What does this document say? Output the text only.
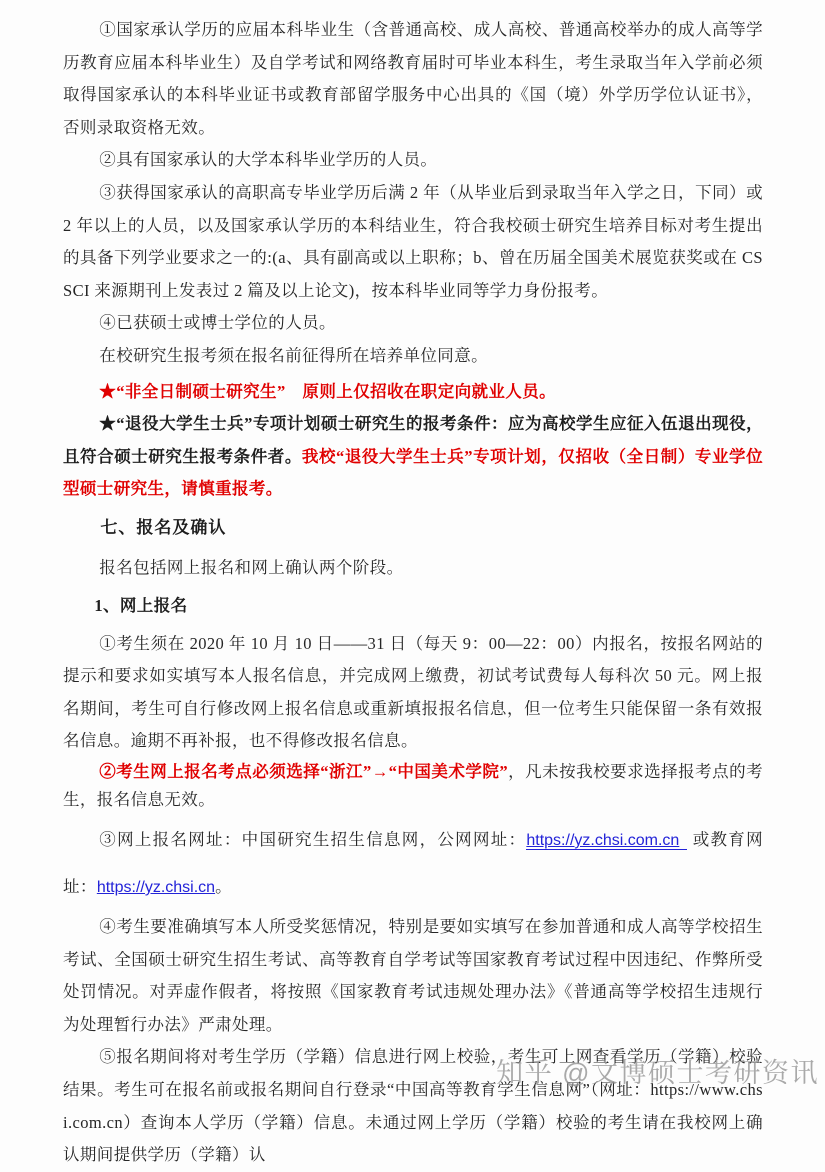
①国家承认学历的应届本科毕业生（含普通高校、成人高校、普通高校举办的成人高等学历教育应届本科毕业生）及自学考试和网络教育届时可毕业本科生，考生录取当年入学前必须取得国家承认的本科毕业证书或教育部留学服务中心出具的《国（境）外学历学位认证书》，否则录取资格无效。

②具有国家承认的大学本科毕业学历的人员。

③获得国家承认的高职高专毕业学历后满 2 年（从毕业后到录取当年入学之日，下同）或 2 年以上的人员，以及国家承认学历的本科结业生，符合我校硕士研究生培养目标对考生提出的具备下列学业要求之一的:(a、具有副高或以上职称；b、曾在历届全国美术展览获奖或在 CSSCI 来源期刊上发表过 2 篇及以上论文)，按本科毕业同等学力身份报考。

④已获硕士或博士学位的人员。

在校研究生报考须在报名前征得所在培养单位同意。

★“非全日制硕士研究生”　原则上仅招收在职定向就业人员。

★“退役大学生士兵”专项计划硕士研究生的报考条件：应为高校学生应征入伍退出现役，且符合硕士研究生报考条件者。我校“退役大学生士兵”专项计划，仅招收（全日制）专业学位型硕士研究生，请慎重报考。

七、报名及确认

报名包括网上报名和网上确认两个阶段。

1、网上报名

①考生须在 2020 年 10 月 10 日——31 日（每天 9：00—22：00）内报名，按报名网站的提示和要求如实填写本人报名信息，并完成网上缴费，初试考试费每人每科次 50 元。网上报名期间，考生可自行修改网上报名信息或重新填报报名信息，但一位考生只能保留一条有效报名信息。逾期不再补报，也不得修改报名信息。

②考生网上报名考点必须选择“浙江”→“中国美术学院”，凡未按我校要求选择报考点的考生，报名信息无效。

③网上报名网址：中国研究生招生信息网，公网网址：https://yz.chsi.com.cn 或教育网址：https://yz.chsi.cn。

④考生要准确填写本人所受奖惩情况，特别是要如实填写在参加普通和成人高等学校招生考试、全国硕士研究生招生考试、高等教育自学考试等国家教育考试过程中因违纪、作弊所受处罚情况。对弄虚作假者，将按照《国家教育考试违规处理办法》《普通高等学校招生违规行为处理暂行办法》严肃处理。

⑤报名期间将对考生学历（学籍）信息进行网上校验，考生可上网查看学历（学籍）校验结果。考生可在报名前或报名期间自行登录“中国高等教育学生信息网”（网址：https://www.chsi.com.cn）查询本人学历（学籍）信息。未通过网上学历（学籍）校验的考生请在我校网上确认期间提供学历（学籍）认

知乎 @文博硕士考研资讯
